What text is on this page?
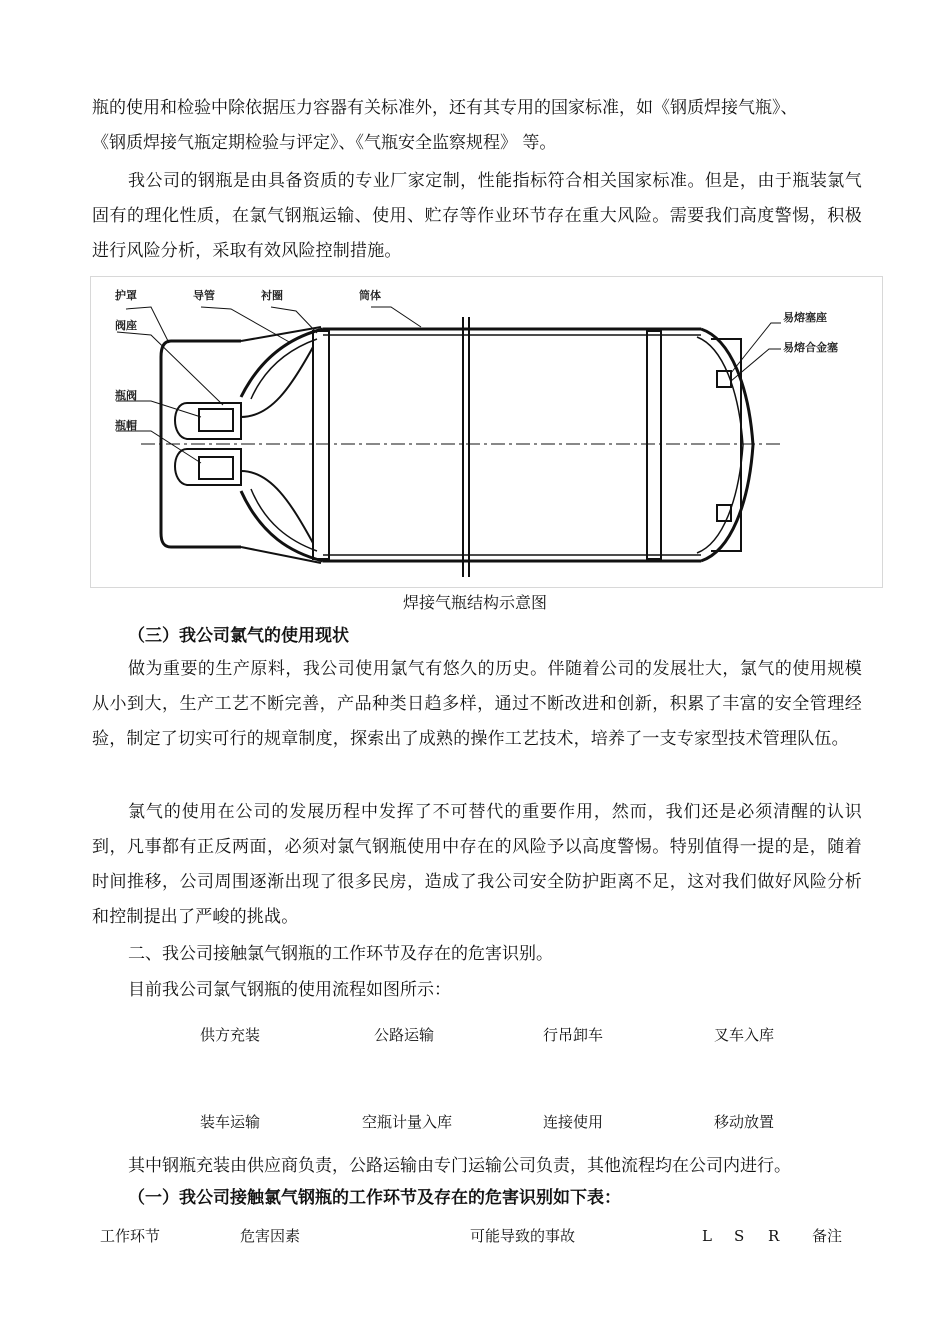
瓶的使用和检验中除依据压力容器有关标准外，还有其专用的国家标准，如《钢质焊接气瓶》、
《钢质焊接气瓶定期检验与评定》、《气瓶安全监察规程》 等。

我公司的钢瓶是由具备资质的专业厂家定制，性能指标符合相关国家标准。但是，由于瓶装氯气固有的理化性质，在氯气钢瓶运输、使用、贮存等作业环节存在重大风险。需要我们高度警惕，积极进行风险分析，采取有效风险控制措施。

护罩	导管	衬圈	筒体
阀座
瓶阀
瓶帽
易熔塞座
易熔合金塞
焊接气瓶结构示意图
（三）我公司氯气的使用现状

做为重要的生产原料，我公司使用氯气有悠久的历史。伴随着公司的发展壮大，氯气的使用规模从小到大，生产工艺不断完善，产品种类日趋多样，通过不断改进和创新，积累了丰富的安全管理经验，制定了切实可行的规章制度，探索出了成熟的操作工艺技术，培养了一支专家型技术管理队伍。

氯气的使用在公司的发展历程中发挥了不可替代的重要作用，然而，我们还是必须清醒的认识到，凡事都有正反两面，必须对氯气钢瓶使用中存在的风险予以高度警惕。特别值得一提的是，随着时间推移，公司周围逐渐出现了很多民房，造成了我公司安全防护距离不足，这对我们做好风险分析和控制提出了严峻的挑战。

二、我公司接触氯气钢瓶的工作环节及存在的危害识别。
目前我公司氯气钢瓶的使用流程如图所示：
供方充装	公路运输	行吊卸车	叉车入库
装车运输	空瓶计量入库	连接使用	移动放置
其中钢瓶充装由供应商负责，公路运输由专门运输公司负责，其他流程均在公司内进行。
（一）我公司接触氯气钢瓶的工作环节及存在的危害识别如下表：
工作环节	危害因素	可能导致的事故	L S R 备注
